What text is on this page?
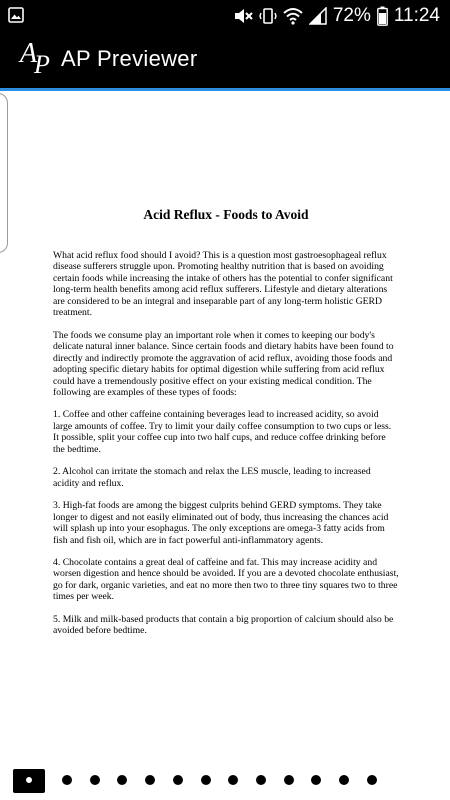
72% 11:24
A
P AP Previewer
Acid Reflux - Foods to Avoid

What acid reflux food should I avoid? This is a question most gastroesophageal reflux disease sufferers struggle upon. Promoting healthy nutrition that is based on avoiding certain foods while increasing the intake of others has the potential to confer significant long-term health benefits among acid reflux sufferers. Lifestyle and dietary alterations are considered to be an integral and inseparable part of any long-term holistic GERD treatment.

The foods we consume play an important role when it comes to keeping our body's delicate natural inner balance. Since certain foods and dietary habits have been found to directly and indirectly promote the aggravation of acid reflux, avoiding those foods and adopting specific dietary habits for optimal digestion while suffering from acid reflux could have a tremendously positive effect on your existing medical condition. The following are examples of these types of foods:

1. Coffee and other caffeine containing beverages lead to increased acidity, so avoid large amounts of coffee. Try to limit your daily coffee consumption to two cups or less. It possible, split your coffee cup into two half cups, and reduce coffee drinking before the bedtime.

2. Alcohol can irritate the stomach and relax the LES muscle, leading to increased acidity and reflux.

3. High-fat foods are among the biggest culprits behind GERD symptoms. They take longer to digest and not easily eliminated out of body, thus increasing the chances acid will splash up into your esophagus. The only exceptions are omega-3 fatty acids from fish and fish oil, which are in fact powerful anti-inflammatory agents.

4. Chocolate contains a great deal of caffeine and fat. This may increase acidity and worsen digestion and hence should be avoided. If you are a devoted chocolate enthusiast, go for dark, organic varieties, and eat no more then two to three tiny squares two to three times per week.

5. Milk and milk-based products that contain a big proportion of calcium should also be avoided before bedtime.
